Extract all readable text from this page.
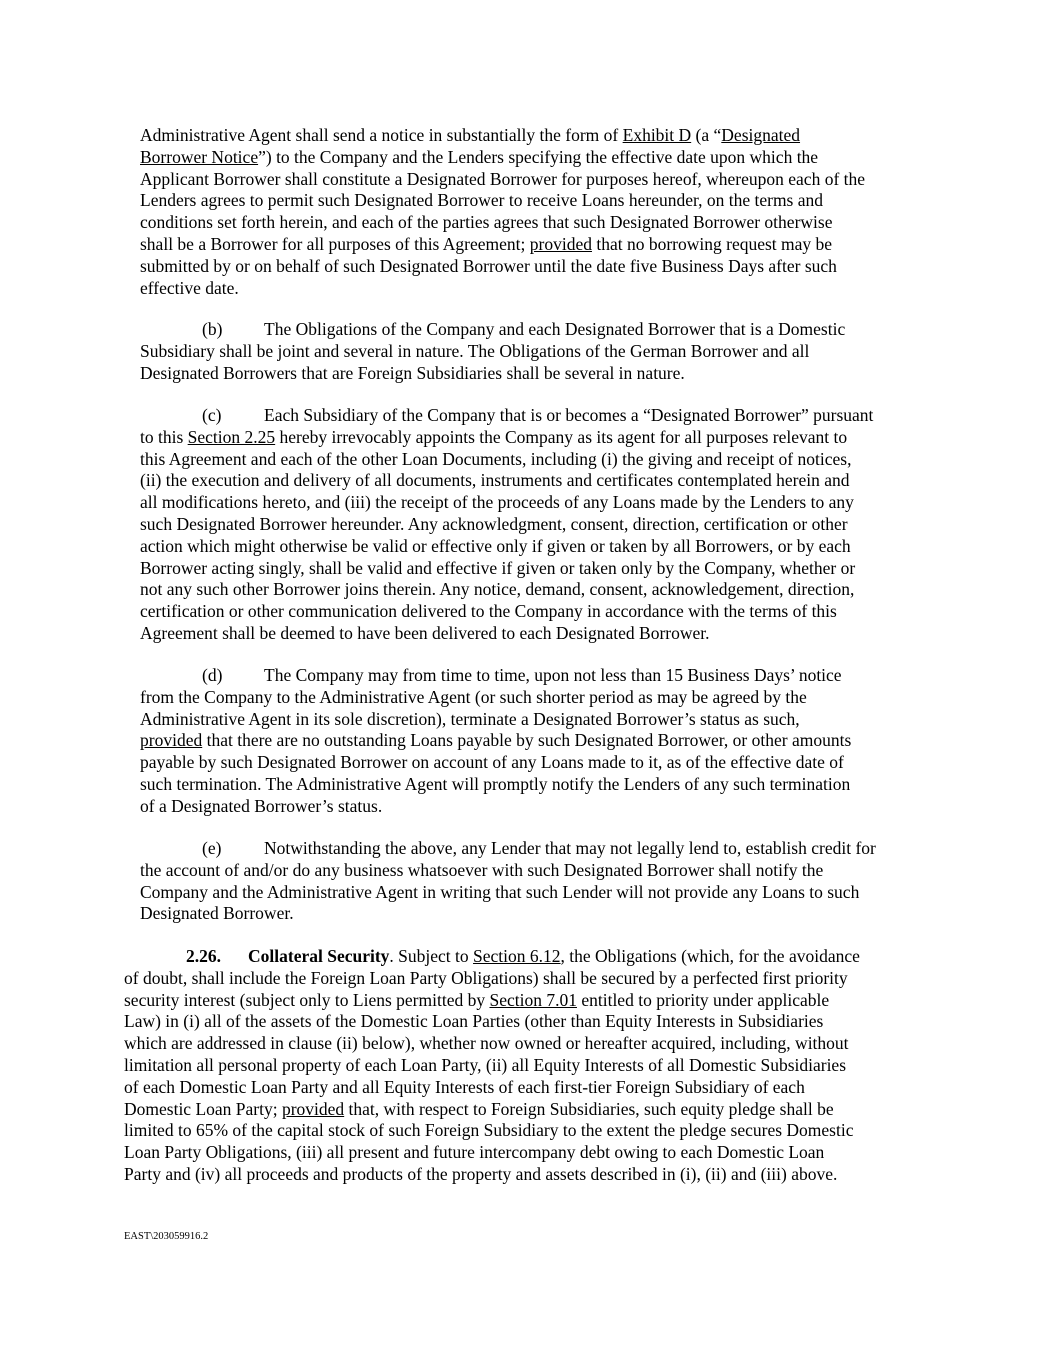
Administrative Agent shall send a notice in substantially the form of Exhibit D (a “Designated
Borrower Notice”) to the Company and the Lenders specifying the effective date upon which the
Applicant Borrower shall constitute a Designated Borrower for purposes hereof, whereupon each of the
Lenders agrees to permit such Designated Borrower to receive Loans hereunder, on the terms and
conditions set forth herein, and each of the parties agrees that such Designated Borrower otherwise
shall be a Borrower for all purposes of this Agreement; provided that no borrowing request may be
submitted by or on behalf of such Designated Borrower until the date five Business Days after such
effective date.

(b) The Obligations of the Company and each Designated Borrower that is a Domestic
Subsidiary shall be joint and several in nature. The Obligations of the German Borrower and all
Designated Borrowers that are Foreign Subsidiaries shall be several in nature.

(c) Each Subsidiary of the Company that is or becomes a “Designated Borrower” pursuant
to this Section 2.25 hereby irrevocably appoints the Company as its agent for all purposes relevant to
this Agreement and each of the other Loan Documents, including (i) the giving and receipt of notices,
(ii) the execution and delivery of all documents, instruments and certificates contemplated herein and
all modifications hereto, and (iii) the receipt of the proceeds of any Loans made by the Lenders to any
such Designated Borrower hereunder. Any acknowledgment, consent, direction, certification or other
action which might otherwise be valid or effective only if given or taken by all Borrowers, or by each
Borrower acting singly, shall be valid and effective if given or taken only by the Company, whether or
not any such other Borrower joins therein. Any notice, demand, consent, acknowledgement, direction,
certification or other communication delivered to the Company in accordance with the terms of this
Agreement shall be deemed to have been delivered to each Designated Borrower.

(d) The Company may from time to time, upon not less than 15 Business Days’ notice
from the Company to the Administrative Agent (or such shorter period as may be agreed by the
Administrative Agent in its sole discretion), terminate a Designated Borrower’s status as such,
provided that there are no outstanding Loans payable by such Designated Borrower, or other amounts
payable by such Designated Borrower on account of any Loans made to it, as of the effective date of
such termination. The Administrative Agent will promptly notify the Lenders of any such termination
of a Designated Borrower’s status.

(e) Notwithstanding the above, any Lender that may not legally lend to, establish credit for
the account of and/or do any business whatsoever with such Designated Borrower shall notify the
Company and the Administrative Agent in writing that such Lender will not provide any Loans to such
Designated Borrower.

2.26. Collateral Security. Subject to Section 6.12, the Obligations (which, for the avoidance
of doubt, shall include the Foreign Loan Party Obligations) shall be secured by a perfected first priority
security interest (subject only to Liens permitted by Section 7.01 entitled to priority under applicable
Law) in (i) all of the assets of the Domestic Loan Parties (other than Equity Interests in Subsidiaries
which are addressed in clause (ii) below), whether now owned or hereafter acquired, including, without
limitation all personal property of each Loan Party, (ii) all Equity Interests of all Domestic Subsidiaries
of each Domestic Loan Party and all Equity Interests of each first-tier Foreign Subsidiary of each
Domestic Loan Party; provided that, with respect to Foreign Subsidiaries, such equity pledge shall be
limited to 65% of the capital stock of such Foreign Subsidiary to the extent the pledge secures Domestic
Loan Party Obligations, (iii) all present and future intercompany debt owing to each Domestic Loan
Party and (iv) all proceeds and products of the property and assets described in (i), (ii) and (iii) above.

EAST\203059916.2
